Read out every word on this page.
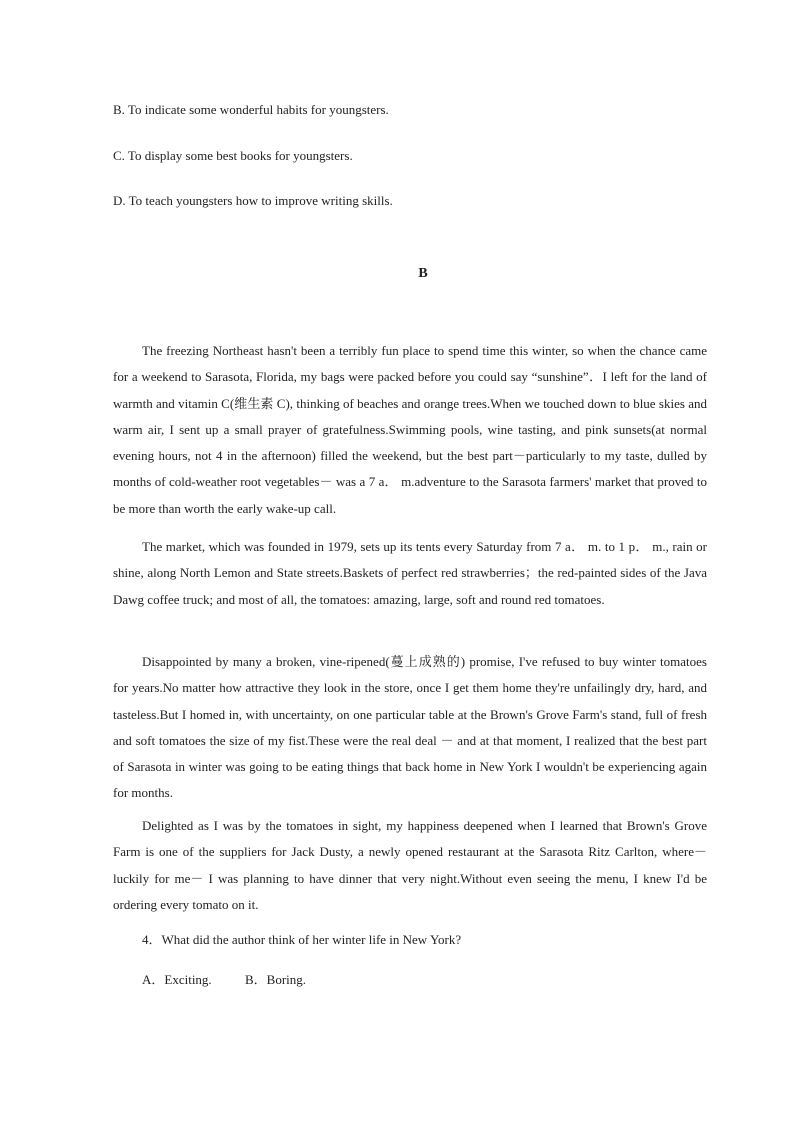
B. To indicate some wonderful habits for youngsters.
C. To display some best books for youngsters.
D. To teach youngsters how to improve writing skills.
B

The freezing Northeast hasn't been a terribly fun place to spend time this winter, so when the chance came for a weekend to Sarasota, Florida, my bags were packed before you could say “sunshine”．I left for the land of warmth and vitamin C(维生素 C), thinking of beaches and orange trees.When we touched down to blue skies and warm air, I sent up a small prayer of gratefulness.Swimming pools, wine tasting, and pink sunsets(at normal evening hours, not 4 in the afternoon) filled the weekend, but the best part－particularly to my taste, dulled by months of cold-weather root vegetables－ was a 7 a． m.adventure to the Sarasota farmers' market that proved to be more than worth the early wake-up call.

The market, which was founded in 1979, sets up its tents every Saturday from 7 a． m. to 1 p． m., rain or shine, along North Lemon and State streets.Baskets of perfect red strawberries；the red-painted sides of the Java Dawg coffee truck; and most of all, the tomatoes: amazing, large, soft and round red tomatoes.

Disappointed by many a broken, vine-ripened(蔓上成熟的) promise, I've refused to buy winter tomatoes for years.No matter how attractive they look in the store, once I get them home they're unfailingly dry, hard, and tasteless.But I homed in, with uncertainty, on one particular table at the Brown's Grove Farm's stand, full of fresh and soft tomatoes the size of my fist.These were the real deal － and at that moment, I realized that the best part of Sarasota in winter was going to be eating things that back home in New York I wouldn't be experiencing again for months.

Delighted as I was by the tomatoes in sight, my happiness deepened when I learned that Brown's Grove Farm is one of the suppliers for Jack Dusty, a newly opened restaurant at the Sarasota Ritz Carlton, where－ luckily for me－ I was planning to have dinner that very night.Without even seeing the menu, I knew I'd be ordering every tomato on it.

4．What did the author think of her winter life in New York?
A．Exciting.	B．Boring.
